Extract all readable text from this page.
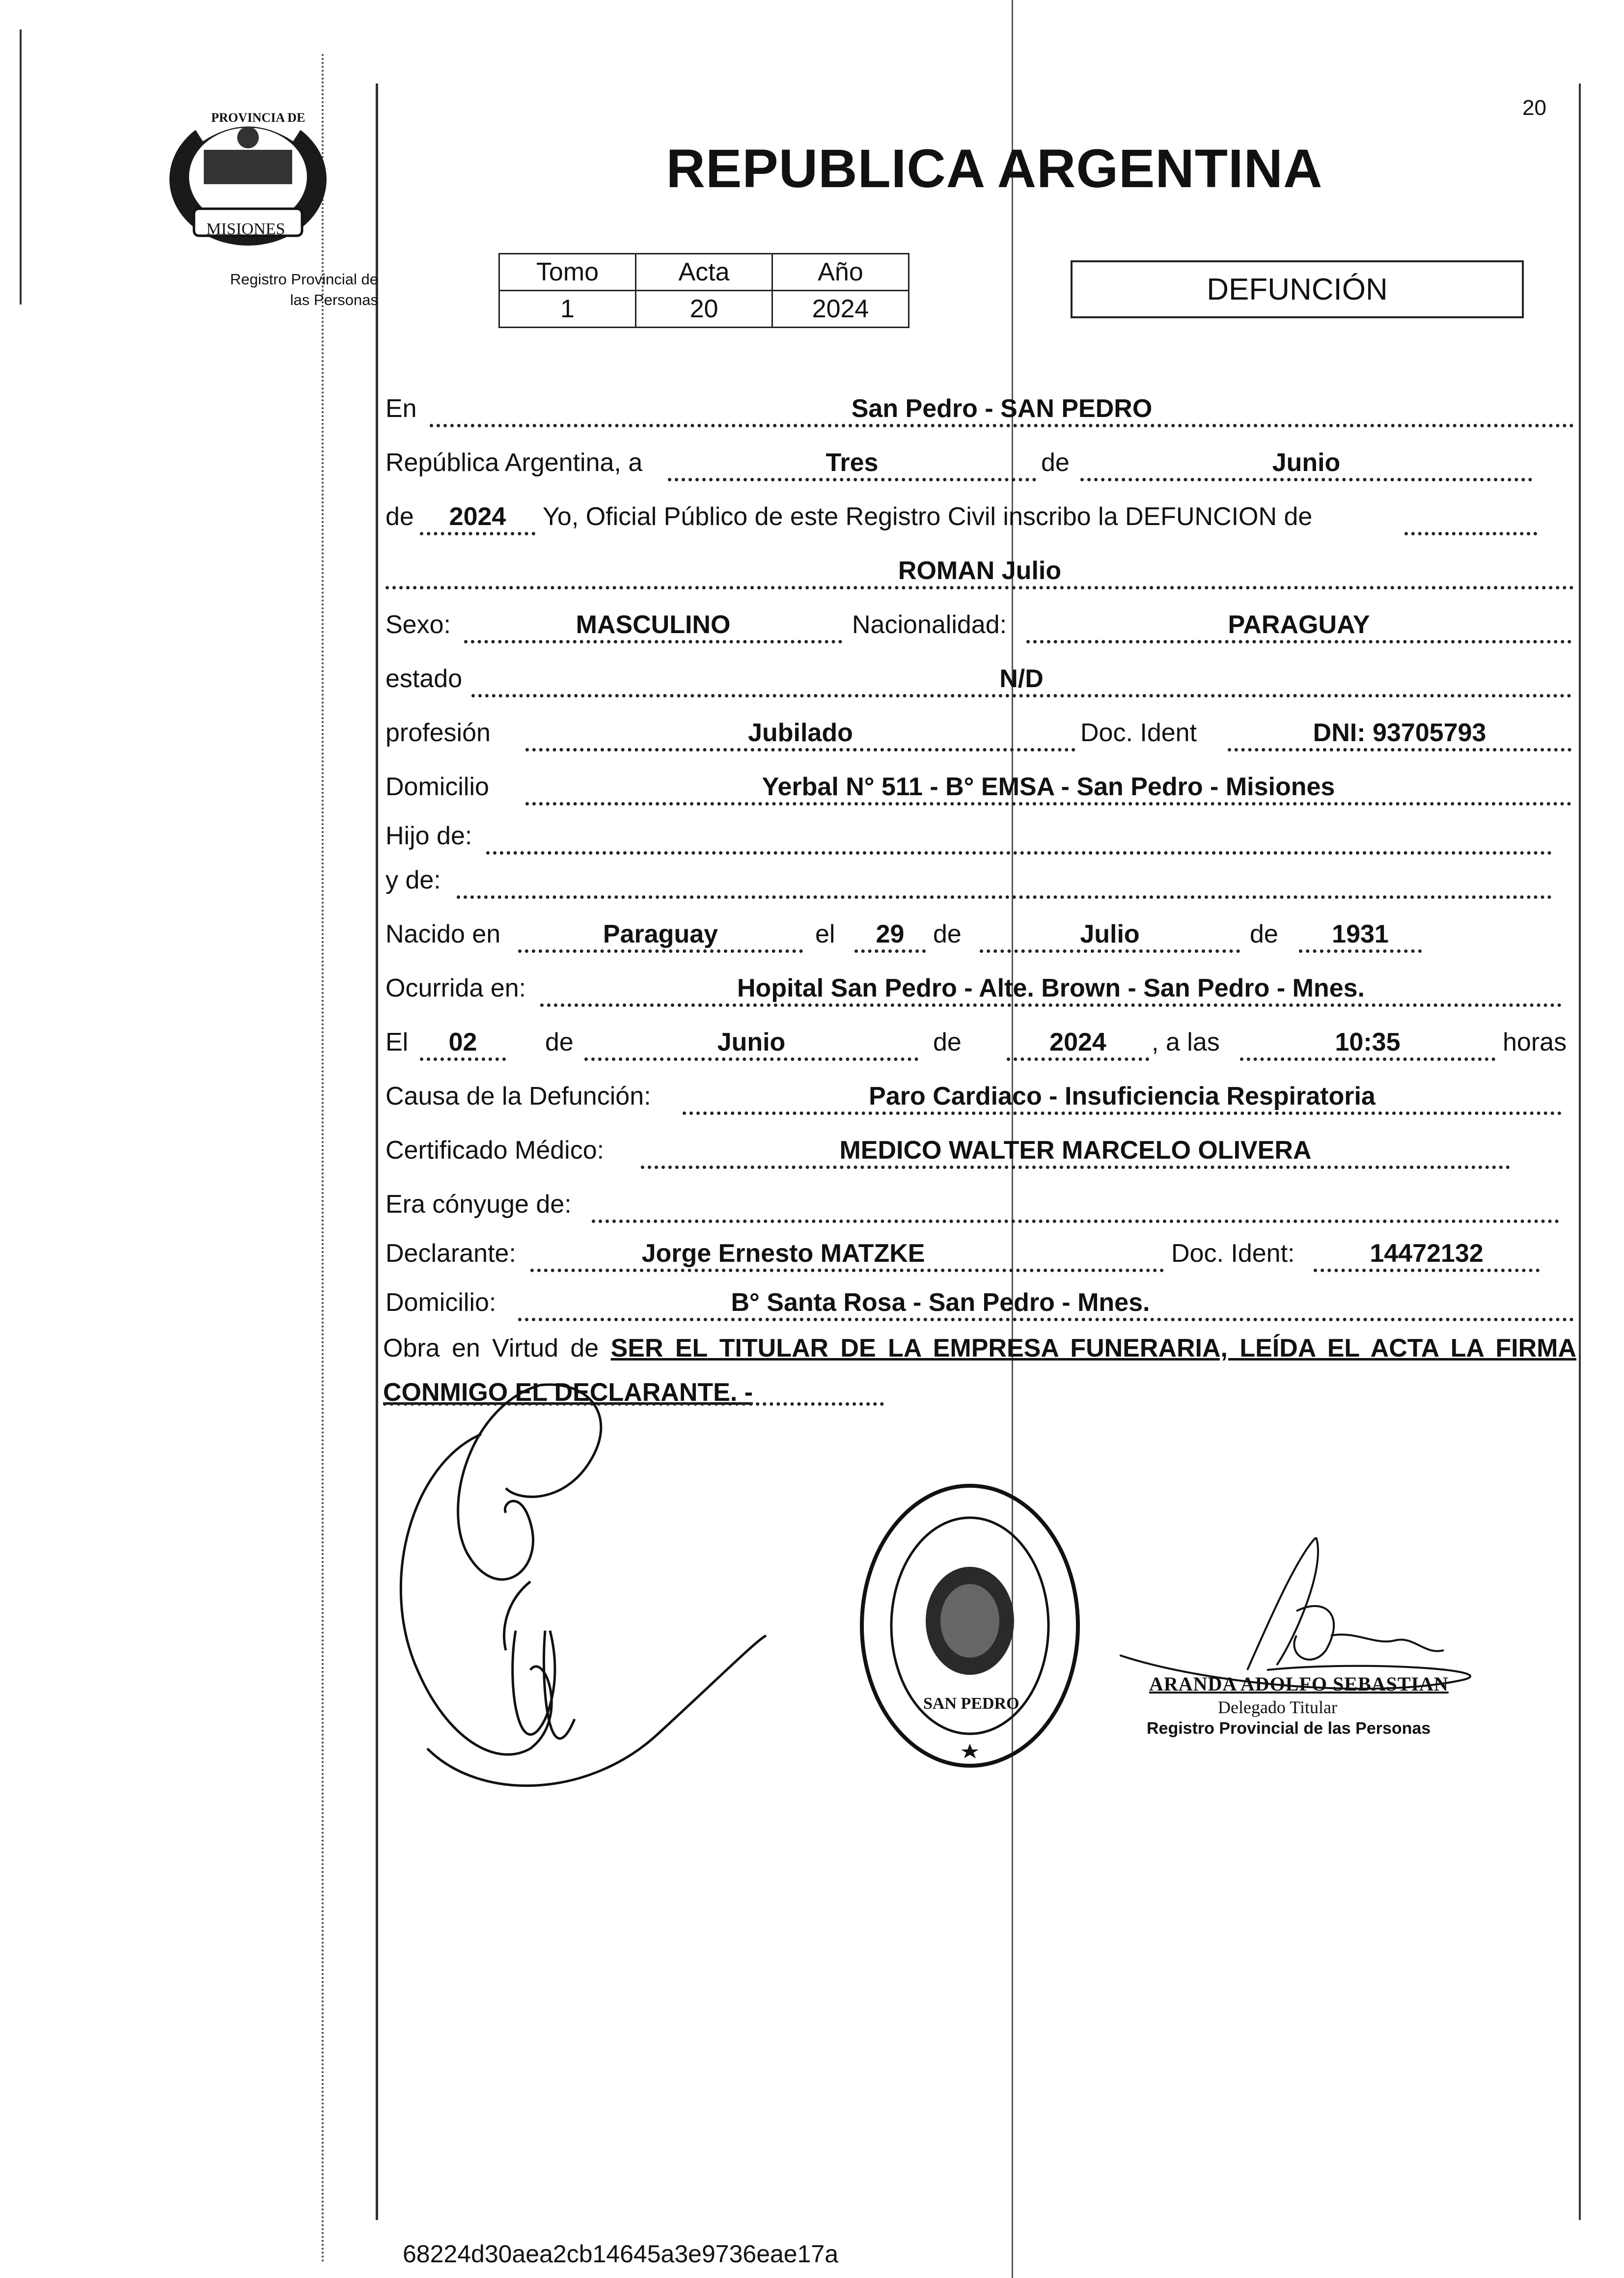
PROVINCIA DE
MISIONES
Registro Provincial de
las Personas
20
REPUBLICA ARGENTINA
Tomo	Acta	Año
1	20	2024
DEFUNCIÓN
En	San Pedro - SAN PEDRO
República Argentina, a	Tres	de	Junio
de	2024	Yo, Oficial Público de este Registro Civil inscribo la DEFUNCION de
ROMAN Julio
Sexo:	MASCULINO	Nacionalidad:	PARAGUAY
estado	N/D
profesión	Jubilado	Doc. Ident	DNI: 93705793
Domicilio	Yerbal N° 511 - B° EMSA - San Pedro - Misiones
Hijo de:
y de:
Nacido en	Paraguay	el	29	de	Julio	de	1931
Ocurrida en:	Hopital San Pedro - Alte. Brown - San Pedro - Mnes.
El	02	de	Junio	de	2024	, a las	10:35	horas
Causa de la Defunción:	Paro Cardiaco - Insuficiencia Respiratoria
Certificado Médico:	MEDICO WALTER MARCELO OLIVERA
Era cónyuge de:
Declarante:	Jorge Ernesto MATZKE	Doc. Ident:	14472132
Domicilio:	B° Santa Rosa - San Pedro - Mnes.
Obra en Virtud de SER EL TITULAR DE LA EMPRESA FUNERARIA, LEÍDA EL ACTA LA FIRMA CONMIGO EL DECLARANTE. -
SAN PEDRO
ARANDA ADOLFO SEBASTIAN
Delegado Titular
Registro Provincial de las Personas
68224d30aea2cb14645a3e9736eae17a
